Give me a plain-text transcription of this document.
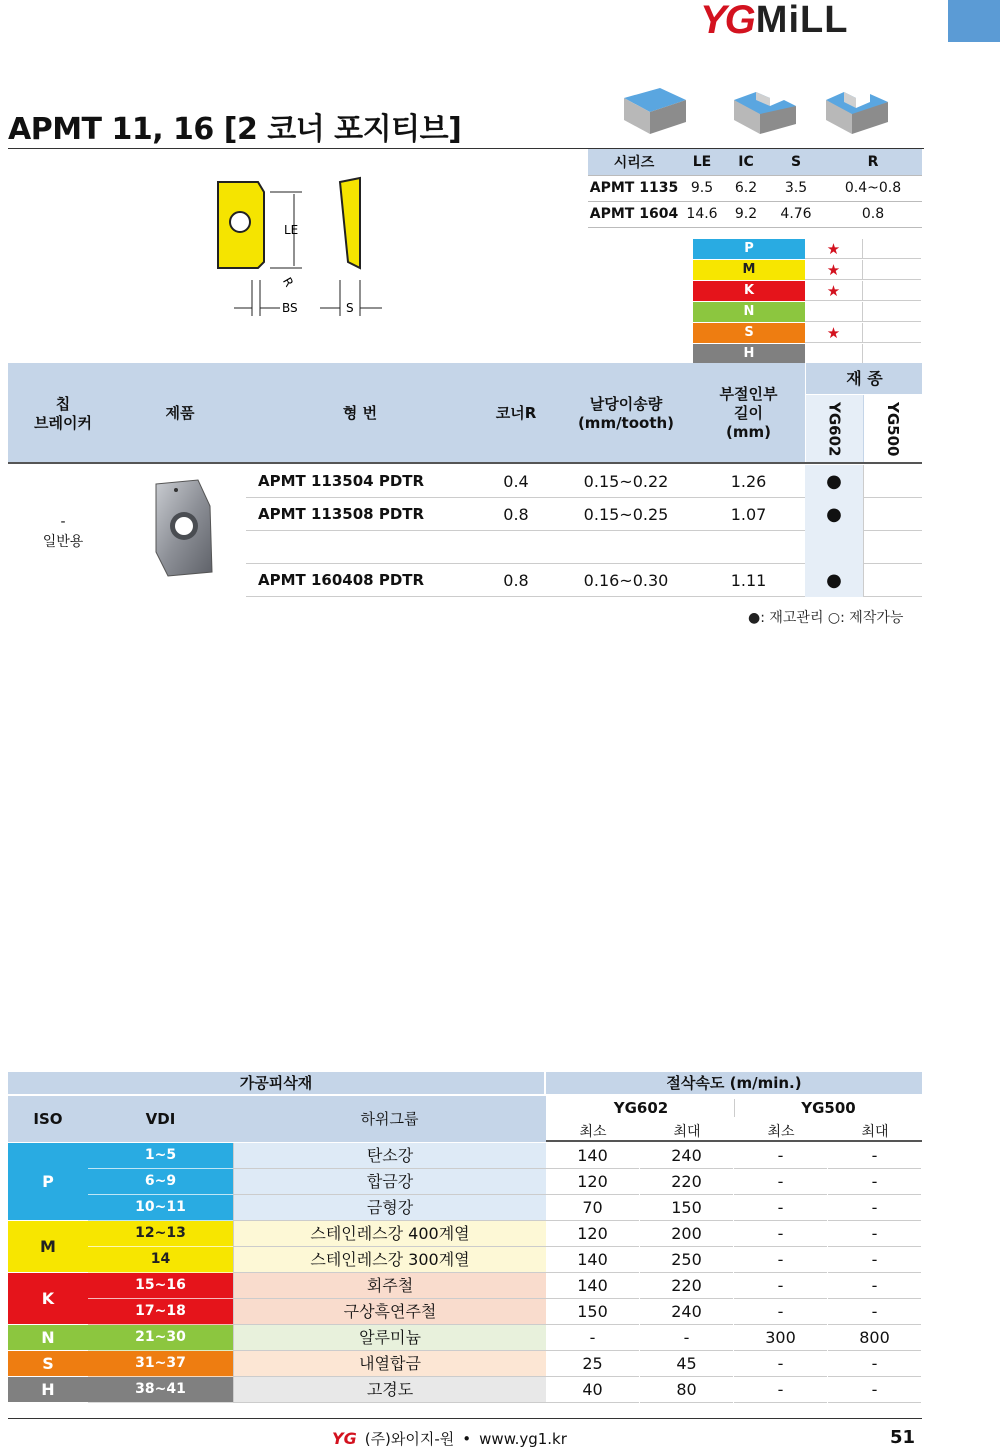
YG MiLL
APMT 11, 16 [2 코너 포지티브]
LE
R
BS	S
시리즈	LE	IC	S	R
APMT 1135	9.5	6.2	3.5	0.4~0.8
APMT 1604	14.6	9.2	4.76	0.8
P	★
M	★
K	★
N
S	★
H
칩
브레이커
제품	형 번	코너R	날당이송량
(mm/tooth)
부절인부
길이
(mm)
재 종
YG602	YG500
-
일반용
APMT 113504 PDTR	0.4	0.15~0.22	1.26	●
APMT 113508 PDTR	0.8	0.15~0.25	1.07	●
APMT 160408 PDTR	0.8	0.16~0.30	1.11	●
●: 재고관리 ○: 제작가능
가공피삭재	절삭속도 (m/min.)
ISO	VDI	하위그룹
YG602	YG500
최소	최대	최소	최대
P
1~5	탄소강	140	240	-	-
6~9	합금강	120	220	-	-
10~11	금형강	70	150	-	-
M
12~13	스테인레스강 400계열	120	200	-	-
14	스테인레스강 300계열	140	250	-	-
K
15~16	회주철	140	220	-	-
17~18	구상흑연주철	150	240	-	-
N	21~30	알루미늄	-	-	300	800
S	31~37	내열합금	25	45	-	-
H	38~41	고경도	40	80	-	-
YG (주)와이지-원 • www.yg1.kr	51
